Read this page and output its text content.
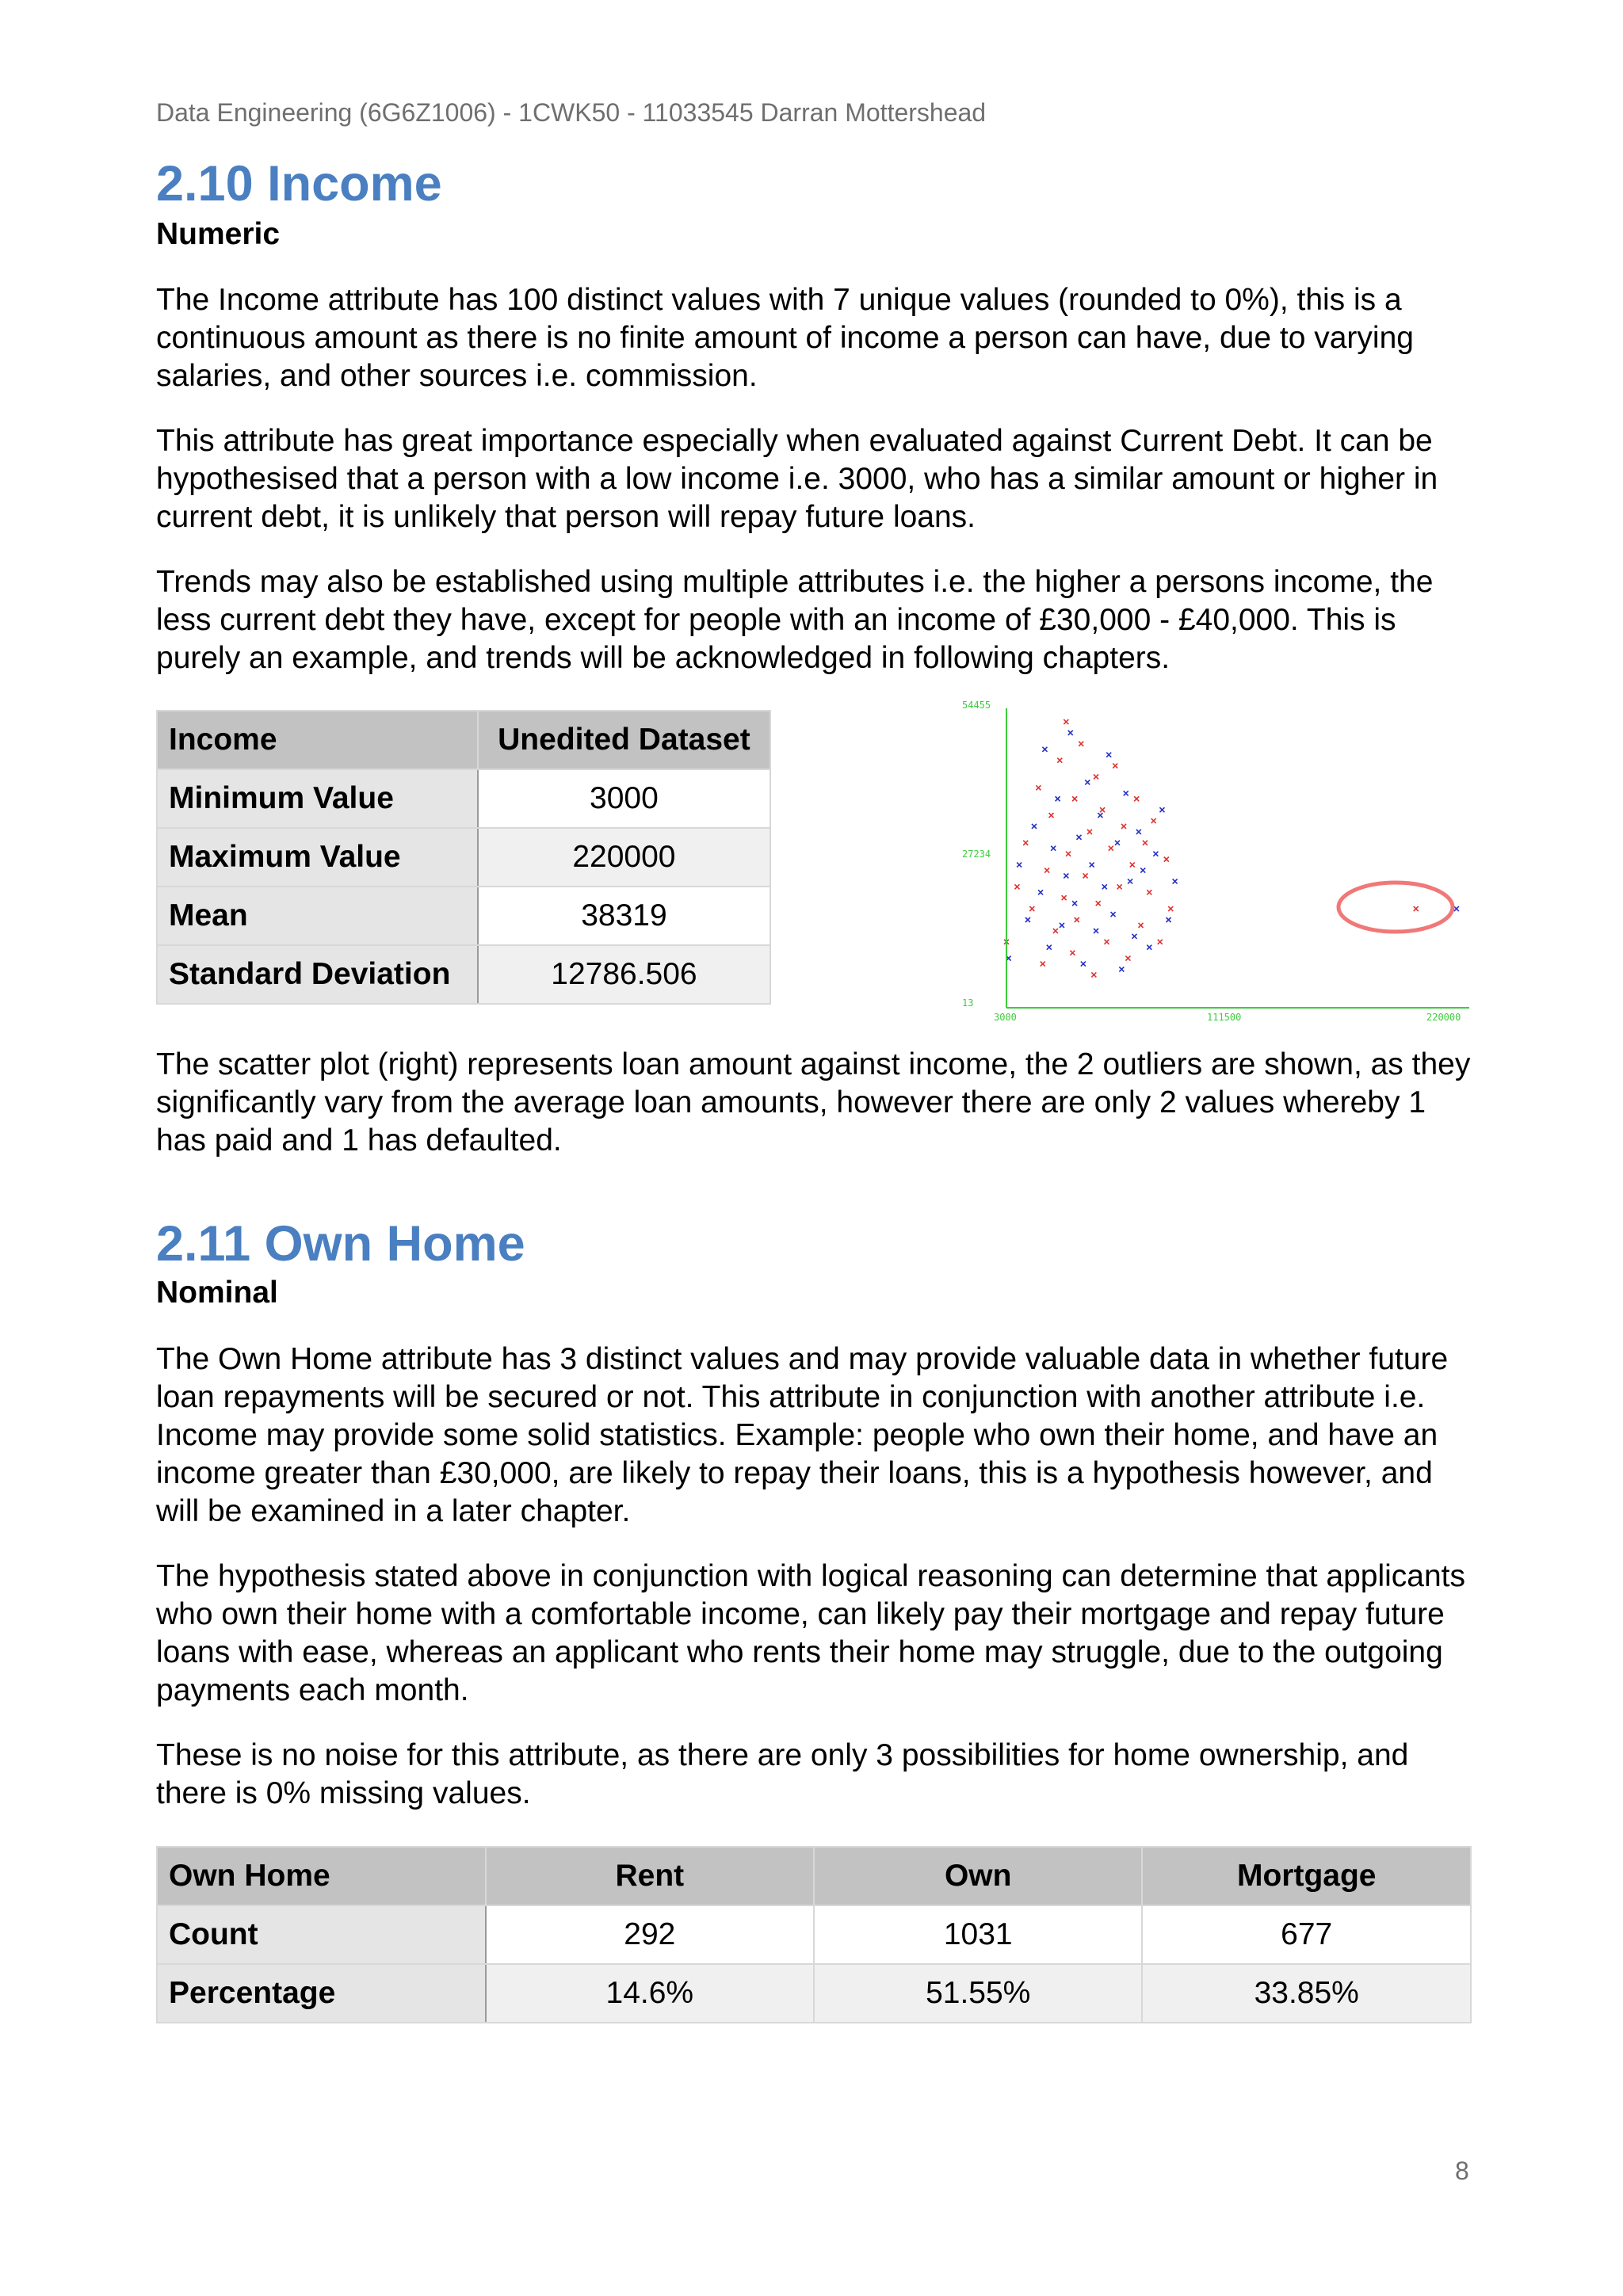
Data Engineering (6G6Z1006) - 1CWK50 - 11033545 Darran Mottershead
2.10 Income
Numeric

The Income attribute has 100 distinct values with 7 unique values (rounded to 0%), this is a continuous amount as there is no finite amount of income a person can have, due to varying salaries, and other sources i.e. commission.

This attribute has great importance especially when evaluated against Current Debt. It can be hypothesised that a person with a low income i.e. 3000, who has a similar amount or higher in current debt, it is unlikely that person will repay future loans.

Trends may also be established using multiple attributes i.e. the higher a persons income, the less current debt they have, except for people with an income of £30,000 - £40,000. This is purely an example, and trends will be acknowledged in following chapters.

Income	Unedited Dataset
Minimum Value	3000
Maximum Value	220000
Mean	38319
Standard Deviation	12786.506
54455
27234
13
3000	111500	220000
The scatter plot (right) represents loan amount against income, the 2 outliers are shown, as they significantly vary from the average loan amounts, however there are only 2 values whereby 1 has paid and 1 has defaulted.
2.11 Own Home
Nominal

The Own Home attribute has 3 distinct values and may provide valuable data in whether future loan repayments will be secured or not. This attribute in conjunction with another attribute i.e. Income may provide some solid statistics. Example: people who own their home, and have an income greater than £30,000, are likely to repay their loans, this is a hypothesis however, and will be examined in a later chapter.

The hypothesis stated above in conjunction with logical reasoning can determine that applicants who own their home with a comfortable income, can likely pay their mortgage and repay future loans with ease, whereas an applicant who rents their home may struggle, due to the outgoing payments each month.

These is no noise for this attribute, as there are only 3 possibilities for home ownership, and there is 0% missing values.

Own Home	Rent	Own	Mortgage
Count	292	1031	677
Percentage	14.6%	51.55%	33.85%
8
